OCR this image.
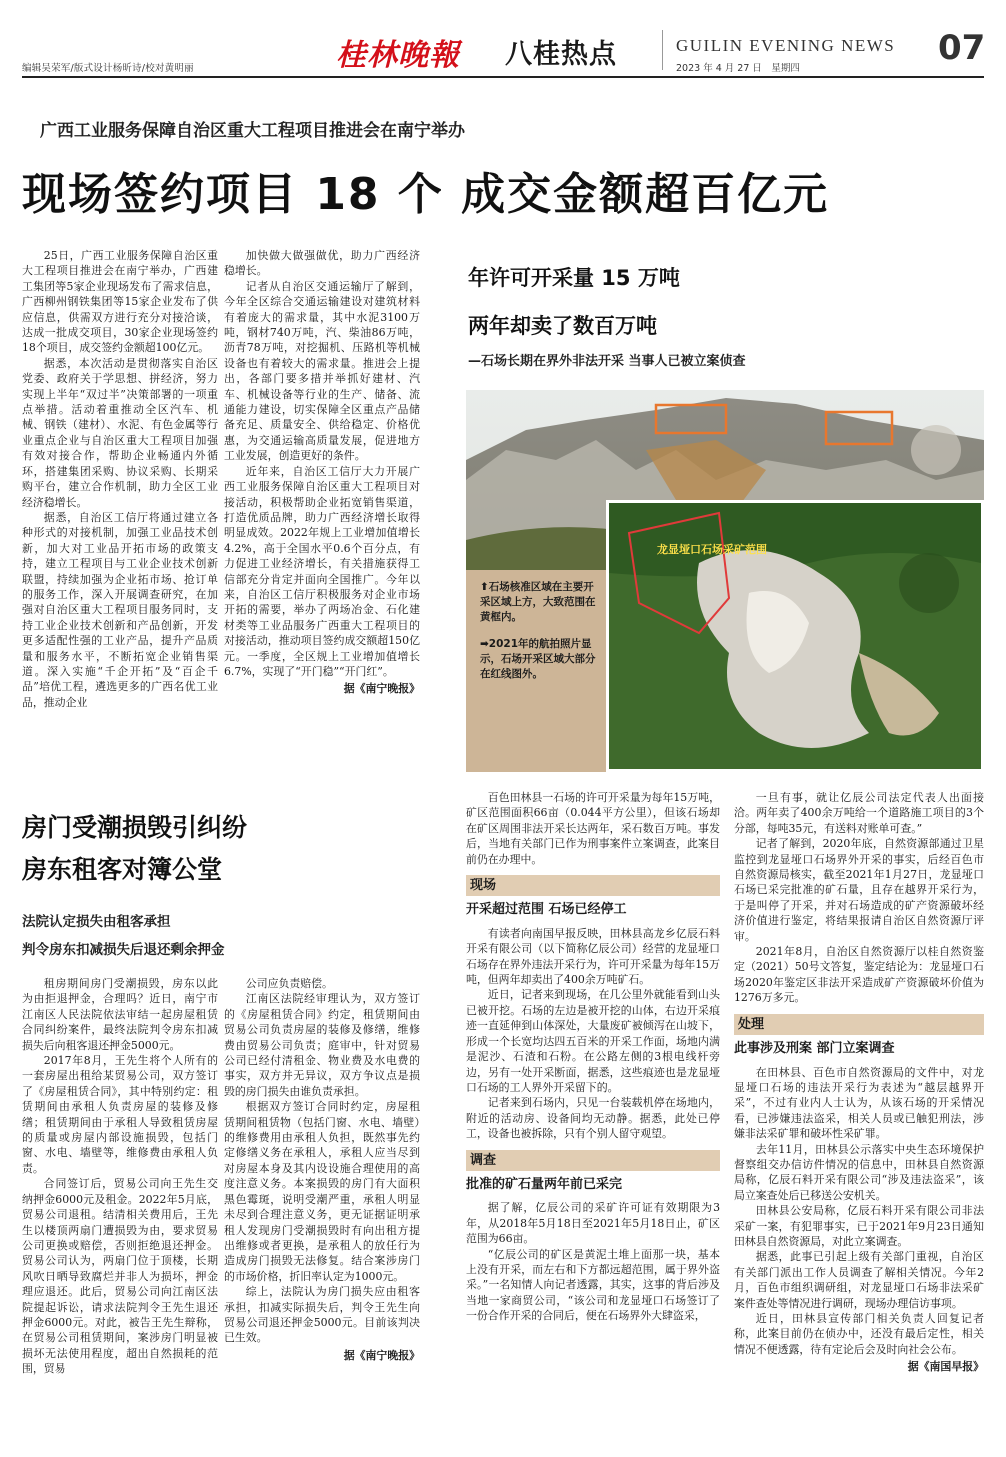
编辑吴荣军/版式设计杨昕诗/校对黄明丽	桂林晚報 八桂热点	GUILIN EVENING NEWS
2023 年 4 月 27 日　星期四
07
广西工业服务保障自治区重大工程项目推进会在南宁举办
现场签约项目 18 个 成交金额超百亿元

25日，广西工业服务保障自治区重大工程项目推进会在南宁举办，广西建工集团等5家企业现场发布了需求信息，广西柳州钢铁集团等15家企业发布了供应信息，供需双方进行充分对接洽谈，达成一批成交项目，30家企业现场签约18个项目，成交签约金额超100亿元。

据悉，本次活动是贯彻落实自治区党委、政府关于学思想、拼经济，努力实现上半年“双过半”决策部署的一项重点举措。活动着重推动全区汽车、机械、钢铁（建材）、水泥、有色金属等行业重点企业与自治区重大工程项目加强有效对接合作，帮助企业畅通内外循环，搭建集团采购、协议采购、长期采购平台，建立合作机制，助力全区工业经济稳增长。

据悉，自治区工信厅将通过建立各种形式的对接机制，加强工业品技术创新，加大对工业品开拓市场的政策支持，建立工程项目与工业企业技术创新联盟，持续加强为企业拓市场、抢订单的服务工作，深入开展调查研究，在加强对自治区重大工程项目服务同时，支持工业企业技术创新和产品创新，开发更多适配性强的工业产品，提升产品质量和服务水平，不断拓宽企业销售渠道。深入实施“千企开拓”及“百企千品”培优工程，遴选更多的广西名优工业品，推动企业

加快做大做强做优，助力广西经济稳增长。

记者从自治区交通运输厅了解到，今年全区综合交通运输建设对建筑材料有着庞大的需求量，其中水泥3100万吨，钢材740万吨，汽、柴油86万吨，沥青78万吨，对挖掘机、压路机等机械设备也有着较大的需求量。推进会上提出，各部门要多措并举抓好建材、汽车、机械设备等行业的生产、储备、流通能力建设，切实保障全区重点产品储备充足、质量安全、供给稳定、价格优惠，为交通运输高质量发展，促进地方工业发展，创造更好的条件。

近年来，自治区工信厅大力开展广西工业服务保障自治区重大工程项目对接活动，积极帮助企业拓宽销售渠道，打造优质品牌，助力广西经济增长取得明显成效。2022年规上工业增加值增长4.2%，高于全国水平0.6个百分点，有力促进工业经济增长，有关措施获得工信部充分肯定并面向全国推广。今年以来，自治区工信厅积极服务对企业市场开拓的需要，举办了两场冶金、石化建材类等工业品服务广西重大工程项目的对接活动，推动项目签约成交额超150亿元。一季度，全区规上工业增加值增长6.7%，实现了“开门稳”“开门红”。

据《南宁晚报》

年许可开采量 15 万吨
两年却卖了数百万吨
—石场长期在界外非法开采 当事人已被立案侦查
龙显垭口石场采矿范围

⬆石场核准区域在主要开采区域上方，大致范围在黄框内。

➡2021年的航拍照片显示，石场开采区域大部分在红线图外。

百色田林县一石场的许可开采量为每年15万吨，矿区范围面积66亩（0.044平方公里），但该石场却在矿区周围非法开采长达两年，采石数百万吨。事发后，当地有关部门已作为刑事案件立案调查，此案目前仍在办理中。

现场
开采超过范围 石场已经停工

有读者向南国早报反映，田林县高龙乡亿辰石料开采有限公司（以下简称亿辰公司）经营的龙显垭口石场存在界外违法开采行为，许可开采量为每年15万吨，但两年却卖出了400余万吨矿石。

近日，记者来到现场，在几公里外就能看到山头已被开挖。石场的左边是被开挖的山体，右边开采痕迹一直延伸到山体深处，大量废矿被倾泻在山坡下，形成一个长宽均达四五百米的开采工作面，场地内满是泥沙、石渣和石粉。在公路左侧的3根电线杆旁边，另有一处开采断面，据悉，这些痕迹也是龙显垭口石场的工人界外开采留下的。

记者来到石场内，只见一台装载机停在场地内，附近的活动房、设备间均无动静。据悉，此处已停工，设备也被拆除，只有个别人留守观望。

调查
批准的矿石量两年前已采完

据了解，亿辰公司的采矿许可证有效期限为3年，从2018年5月18日至2021年5月18日止，矿区范围为66亩。

“亿辰公司的矿区是黄泥土堆上面那一块，基本上没有开采，而左右和下方都远超范围，属于界外盗采。”一名知情人向记者透露，其实，这事的背后涉及当地一家商贸公司，“该公司和龙显垭口石场签订了一份合作开采的合同后，便在石场界外大肆盗采，

一旦有事，就让亿辰公司法定代表人出面接洽。两年卖了400余万吨给一个道路施工项目的3个分部，每吨35元，有送料对账单可查。”

记者了解到，2020年底，自然资源部通过卫星监控到龙显垭口石场界外开采的事实，后经百色市自然资源局核实，截至2021年1月27日，龙显垭口石场已采完批准的矿石量，且存在越界开采行为，于是叫停了开采，并对石场造成的矿产资源破坏经济价值进行鉴定，将结果报请自治区自然资源厅评审。

2021年8月，自治区自然资源厅以桂自然资鉴定（2021）50号文答复，鉴定结论为：龙显垭口石场2020年鉴定区非法开采造成矿产资源破坏价值为1276万多元。

处理
此事涉及刑案 部门立案调查

在田林县、百色市自然资源局的文件中，对龙显垭口石场的违法开采行为表述为“越层越界开采”，不过有业内人士认为，从该石场的开采情况看，已涉嫌违法盗采，相关人员或已触犯刑法，涉嫌非法采矿罪和破坏性采矿罪。

去年11月，田林县公示落实中央生态环境保护督察组交办信访件情况的信息中，田林县自然资源局称，亿辰石料开采有限公司“涉及违法盗采”，该局立案查处后已移送公安机关。

田林县公安局称，亿辰石料开采有限公司非法采矿一案，有犯罪事实，已于2021年9月23日通知田林县自然资源局，对此立案调查。

据悉，此事已引起上级有关部门重视，自治区有关部门派出工作人员调查了解相关情况。今年2月，百色市组织调研组，对龙显垭口石场非法采矿案件查处等情况进行调研，现场办理信访事项。

近日，田林县宣传部门相关负责人回复记者称，此案目前仍在侦办中，还没有最后定性，相关情况不便透露，待有定论后会及时向社会公布。

据《南国早报》

房门受潮损毁引纠纷
房东租客对簿公堂
法院认定损失由租客承担
判令房东扣减损失后退还剩余押金

租房期间房门受潮损毁，房东以此为由拒退押金，合理吗？近日，南宁市江南区人民法院依法审结一起房屋租赁合同纠纷案件，最终法院判令房东扣减损失后向租客退还押金5000元。

2017年8月，王先生将个人所有的一套房屋出租给某贸易公司，双方签订了《房屋租赁合同》，其中特别约定：租赁期间由承租人负责房屋的装修及修缮；租赁期间由于承租人导致租赁房屋的质量或房屋内部设施损毁，包括门窗、水电、墙壁等，维修费由承租人负责。

合同签订后，贸易公司向王先生交纳押金6000元及租金。2022年5月底，贸易公司退租。结清相关费用后，王先生以楼顶两扇门遭损毁为由，要求贸易公司更换或赔偿，否则拒绝退还押金。贸易公司认为，两扇门位于顶楼，长期风吹日晒导致腐烂并非人为损坏，押金理应退还。此后，贸易公司向江南区法院提起诉讼，请求法院判令王先生退还押金6000元。对此，被告王先生辩称，在贸易公司租赁期间，案涉房门明显被损坏无法使用程度，超出自然损耗的范围，贸易

公司应负责赔偿。

江南区法院经审理认为，双方签订的《房屋租赁合同》约定，租赁期间由贸易公司负责房屋的装修及修缮，维修费由贸易公司负责；庭审中，针对贸易公司已经付清租金、物业费及水电费的事实，双方并无异议，双方争议点是损毁的房门损失由谁负责承担。

根据双方签订合同时约定，房屋租赁期间租赁物（包括门窗、水电、墙壁）的维修费用由承租人负担，既然事先约定修缮义务在承租人，承租人应当尽到对房屋本身及其内设设施合理使用的高度注意义务。本案损毁的房门有大面积黑色霉斑，说明受潮严重，承租人明显未尽到合理注意义务，更无证据证明承租人发现房门受潮损毁时有向出租方提出维修或者更换，是承租人的放任行为造成房门损毁无法修复。结合案涉房门的市场价格，折旧率认定为1000元。

综上，法院认为房门损失应由租客承担，扣减实际损失后，判令王先生向贸易公司退还押金5000元。目前该判决已生效。

据《南宁晚报》
